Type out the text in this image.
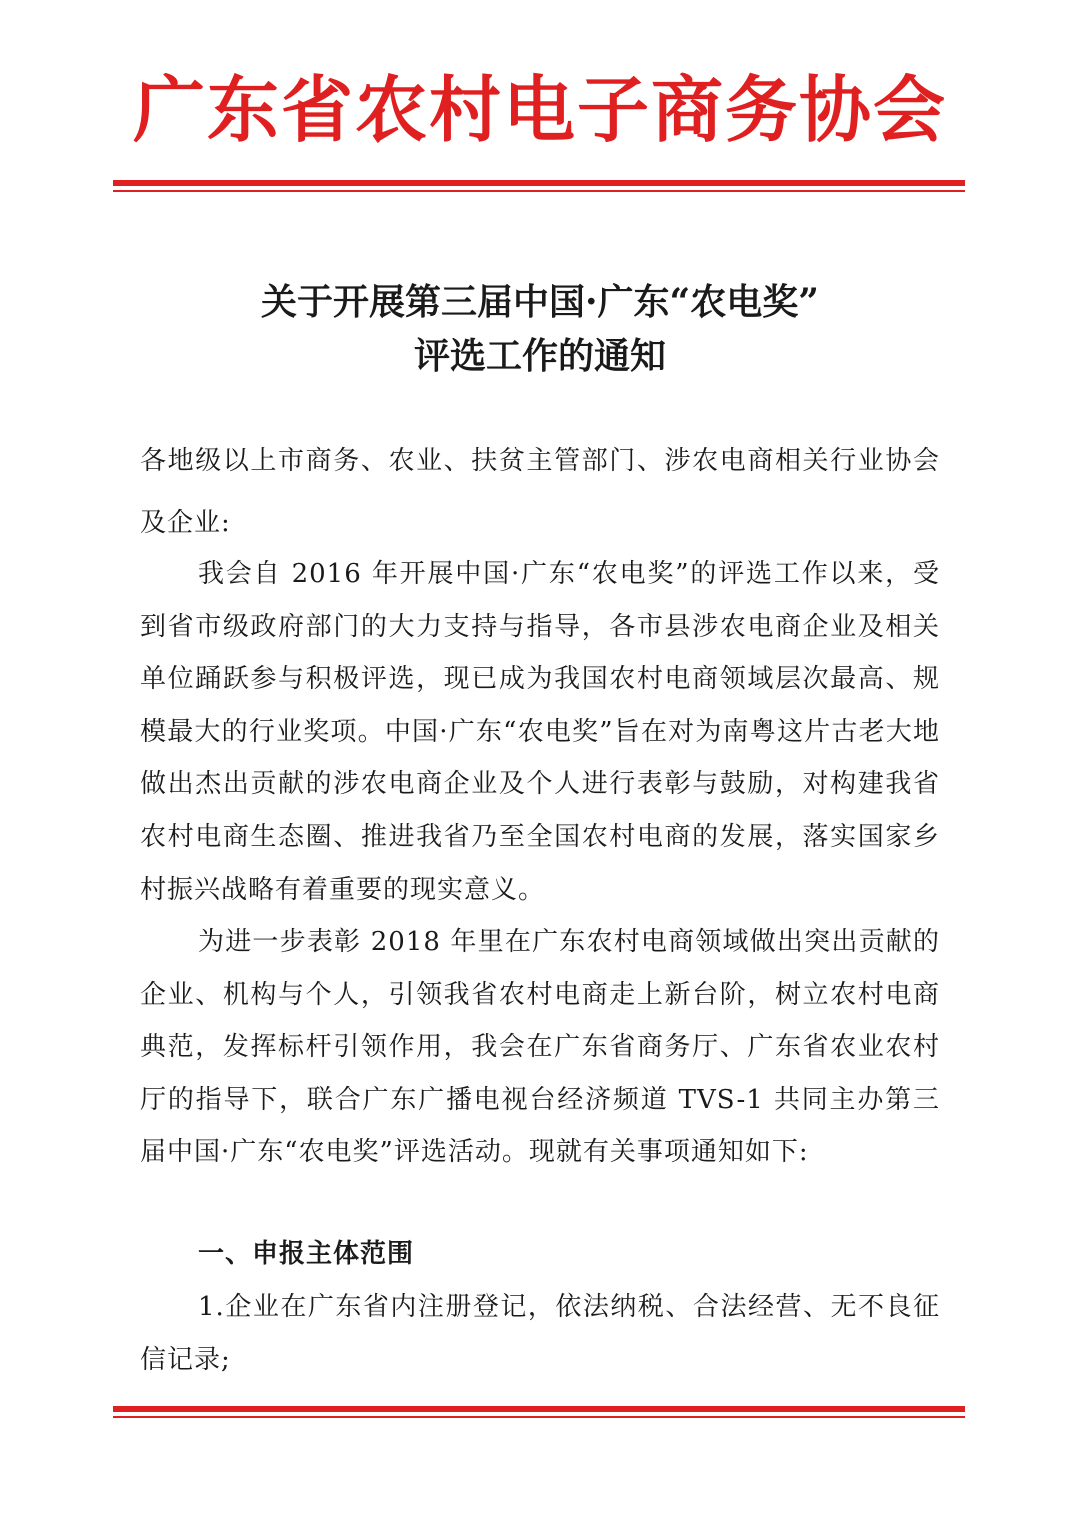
广东省农村电子商务协会
关于开展第三届中国·广东“农电奖”
评选工作的通知

各地级以上市商务、农业、扶贫主管部门、涉农电商相关行业协会及企业:

我会自 2016 年开展中国·广东“农电奖”的评选工作以来，受到省市级政府部门的大力支持与指导，各市县涉农电商企业及相关单位踊跃参与积极评选，现已成为我国农村电商领域层次最高、规模最大的行业奖项。中国·广东“农电奖”旨在对为南粤这片古老大地做出杰出贡献的涉农电商企业及个人进行表彰与鼓励，对构建我省农村电商生态圈、推进我省乃至全国农村电商的发展，落实国家乡村振兴战略有着重要的现实意义。

为进一步表彰 2018 年里在广东农村电商领域做出突出贡献的企业、机构与个人，引领我省农村电商走上新台阶，树立农村电商典范，发挥标杆引领作用，我会在广东省商务厅、广东省农业农村厅的指导下，联合广东广播电视台经济频道 TVS-1 共同主办第三届中国·广东“农电奖”评选活动。现就有关事项通知如下:

一、申报主体范围

1.企业在广东省内注册登记，依法纳税、合法经营、无不良征信记录;
